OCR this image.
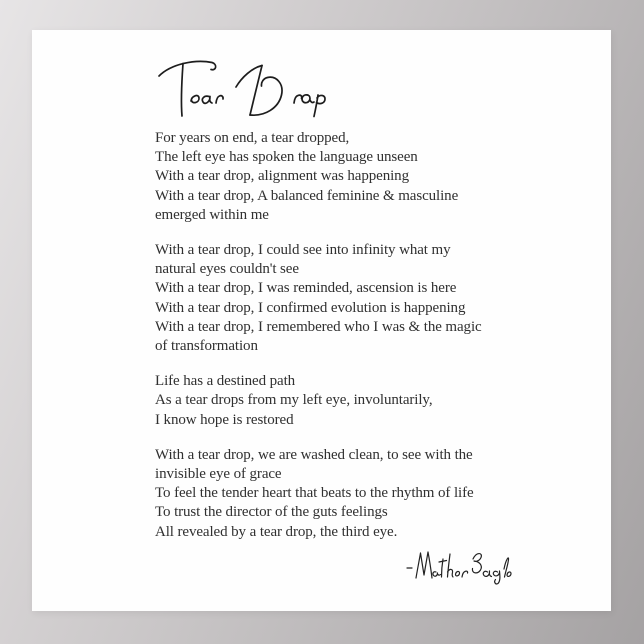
For years on end, a tear dropped,
The left eye has spoken the language unseen
With a tear drop, alignment was happening
With a tear drop, A balanced feminine & masculine
emerged within me
With a tear drop, I could see into infinity what my
natural eyes couldn't see
With a tear drop, I was reminded, ascension is here
With a tear drop, I confirmed evolution is happening
With a tear drop, I remembered who I was & the magic
of transformation
Life has a destined path
As a tear drops from my left eye, involuntarily,
I know hope is restored
With a tear drop, we are washed clean, to see with the
invisible eye of grace
To feel the tender heart that beats to the rhythm of life
To trust the director of the guts feelings
All revealed by a tear drop, the third eye.
